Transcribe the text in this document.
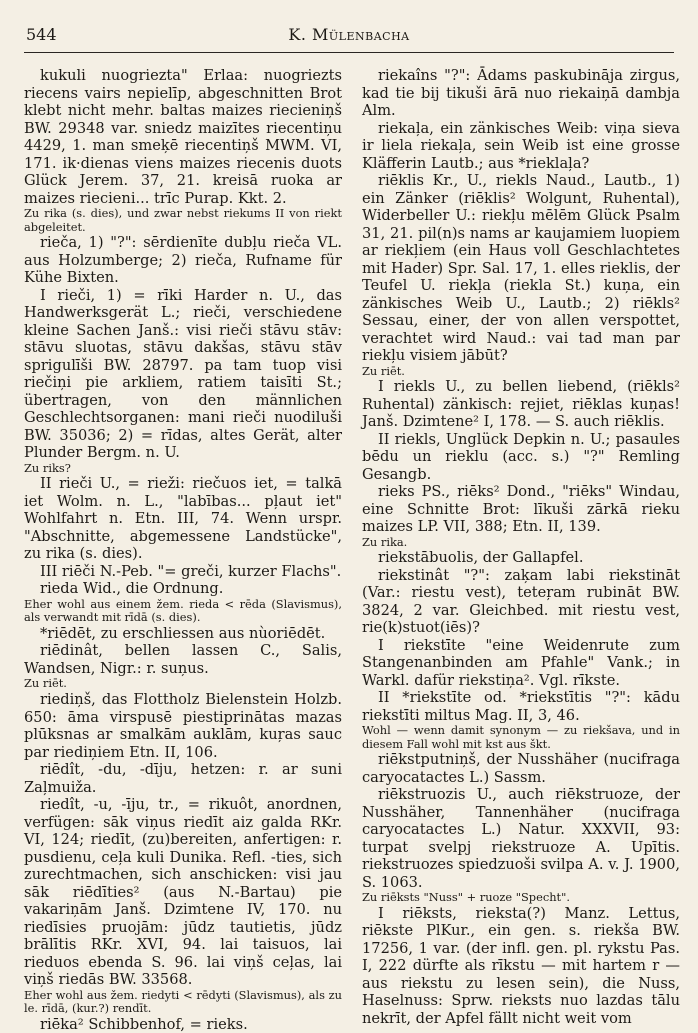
544	K. Mülenbacha

kukuli nuogriezta" Erlaa: nuogriezts riecens vairs nepielīp, abgeschnitten Brot klebt nicht mehr. baltas maizes riecieniņš BW. 29348 var. sniedz maizītes riecentiņu 4429, 1. man smeķē riecentiņš MWM. VI, 171. ik·dienas viens maizes riecenis duots Glück Jerem. 37, 21. kreisā ruoka ar maizes riecieni... trīc Purap. Kkt. 2.

Zu rika (s. dies), und zwar nebst riekums II von riekt abgeleitet.

rieča, 1) "?": sērdienīte dubļu rieča VL. aus Holzumberge; 2) rieča, Rufname für Kühe Bixten.

I rieči, 1) = rīki Harder n. U., das Handwerksgerät L.; rieči, verschiedene kleine Sachen Janš.: visi rieči stāvu stāv: stāvu sluotas, stāvu dakšas, stāvu stāv sprigulīši BW. 28797. pa tam tuop visi riečiņi pie arkliem, ratiem taisīti St.; übertragen, von den männlichen Geschlechtsorganen: mani rieči nuodiluši BW. 35036; 2) = rīdas, altes Gerät, alter Plunder Bergm. n. U.

Zu riks?

II rieči U., = rieži: riečuos iet, = talkā iet Wolm. n. L., "labības... pļaut iet" Wohlfahrt n. Etn. III, 74. Wenn urspr. "Abschnitte, abgemessene Landstücke", zu rika (s. dies).

III riēči N.-Peb. "= greči, kurzer Flachs".

rieda Wid., die Ordnung.

Eher wohl aus einem žem. rieda < rēda (Slavismus), als verwandt mit rīdā (s. dies).

*riēdēt, zu erschliessen aus nùoriēdēt.

riēdinât, bellen lassen C., Salis, Wandsen, Nigr.: r. suņus.

Zu riēt.

riediņš, das Flottholz Bielenstein Holzb. 650: āma virspusē piestiprinātas mazas plūksnas ar smalkām auklām, kuŗas sauc par riediņiem Etn. II, 106.

riēdît, -du, -dīju, hetzen: r. ar suni Zaļmuiža.

riedît, -u, -īju, tr., = rikuôt, anordnen, verfügen: sāk viņus riedīt aiz galda RKr. VI, 124; riedīt, (zu)bereiten, anfertigen: r. pusdienu, ceļa kuli Dunika. Refl. -ties, sich zurechtmachen, sich anschicken: visi jau sāk riēdīties² (aus N.-Bartau) pie vakariņām Janš. Dzimtene IV, 170. nu riedīsies pruojām: jūdz tautietis, jūdz brālītis RKr. XVI, 94. lai taisuos, lai rieduos ebenda S. 96. lai viņš ceļas, lai viņš riedās BW. 33568.

Eher wohl aus žem. riedyti < rēdyti (Slavismus), als zu le. rīdā, (kur.?) rendīt.

riēka² Schibbenhof, = rieks.

riekaîns "?": Ādams paskubināja zirgus, kad tie bij tikuši ārā nuo riekaiņā dambja Alm.

riekaļa, ein zänkisches Weib: viņa sieva ir liela riekaļa, sein Weib ist eine grosse Kläfferin Lautb.; aus *rieklaļa?

riēklis Kr., U., riekls Naud., Lautb., 1) ein Zänker (riēklis² Wolgunt, Ruhental), Widerbeller U.: riekļu mēlēm Glück Psalm 31, 21. pil(n)s nams ar kaujamiem luopiem ar riekļiem (ein Haus voll Geschlachtetes mit Hader) Spr. Sal. 17, 1. elles rieklis, der Teufel U. riekļa (riekla St.) kuņa, ein zänkisches Weib U., Lautb.; 2) riēkls² Sessau, einer, der von allen verspottet, verachtet wird Naud.: vai tad man par riekļu visiem jābūt?

Zu riēt.

I riekls U., zu bellen liebend, (riēkls² Ruhental) zänkisch: rejiet, riēklas kuņas! Janš. Dzimtene² I, 178. — S. auch riēklis.

II riekls, Unglück Depkin n. U.; pasaules bēdu un rieklu (acc. s.) "?" Remling Gesangb.

rieks PS., riēks² Dond., "riēks" Windau, eine Schnitte Brot: līkuši zārkā rieku maizes LP. VII, 388; Etn. II, 139.

Zu rika.

riekstābuolis, der Gallapfel.

riekstinât "?": zaķam labi riekstināt (Var.: riestu vest), teteŗam rubināt BW. 3824, 2 var. Gleichbed. mit riestu vest, rie(k)stuot(iēs)?

I riekstīte "eine Weidenrute zum Stangenanbinden am Pfahle" Vank.; in Warkl. dafür riekstiņa². Vgl. rīkste.

II *riekstīte od. *riekstītis "?": kādu riekstīti miltus Mag. II, 3, 46.

Wohl — wenn damit synonym — zu riekšava, und in diesem Fall wohl mit kst aus škt.

riēkstputniņš, der Nusshäher (nucifraga caryocatactes L.) Sassm.

riēkstruozis U., auch riēkstruoze, der Nusshäher, Tannenhäher (nucifraga caryocatactes L.) Natur. XXXVII, 93: turpat svelpj riekstruoze A. Upītis. riekstruozes spiedzuoši svilpa A. v. J. 1900, S. 1063.

Zu riēksts "Nuss" + ruoze "Specht".

I riēksts, rieksta(?) Manz. Lettus, riēkste PlKur., ein gen. s. riekša BW. 17256, 1 var. (der infl. gen. pl. rykstu Pas. I, 222 dürfte als rīkstu — mit hartem r — aus riekstu zu lesen sein), die Nuss, Haselnuss: Sprw. rieksts nuo lazdas tālu nekrīt, der Apfel fällt nicht weit vom
